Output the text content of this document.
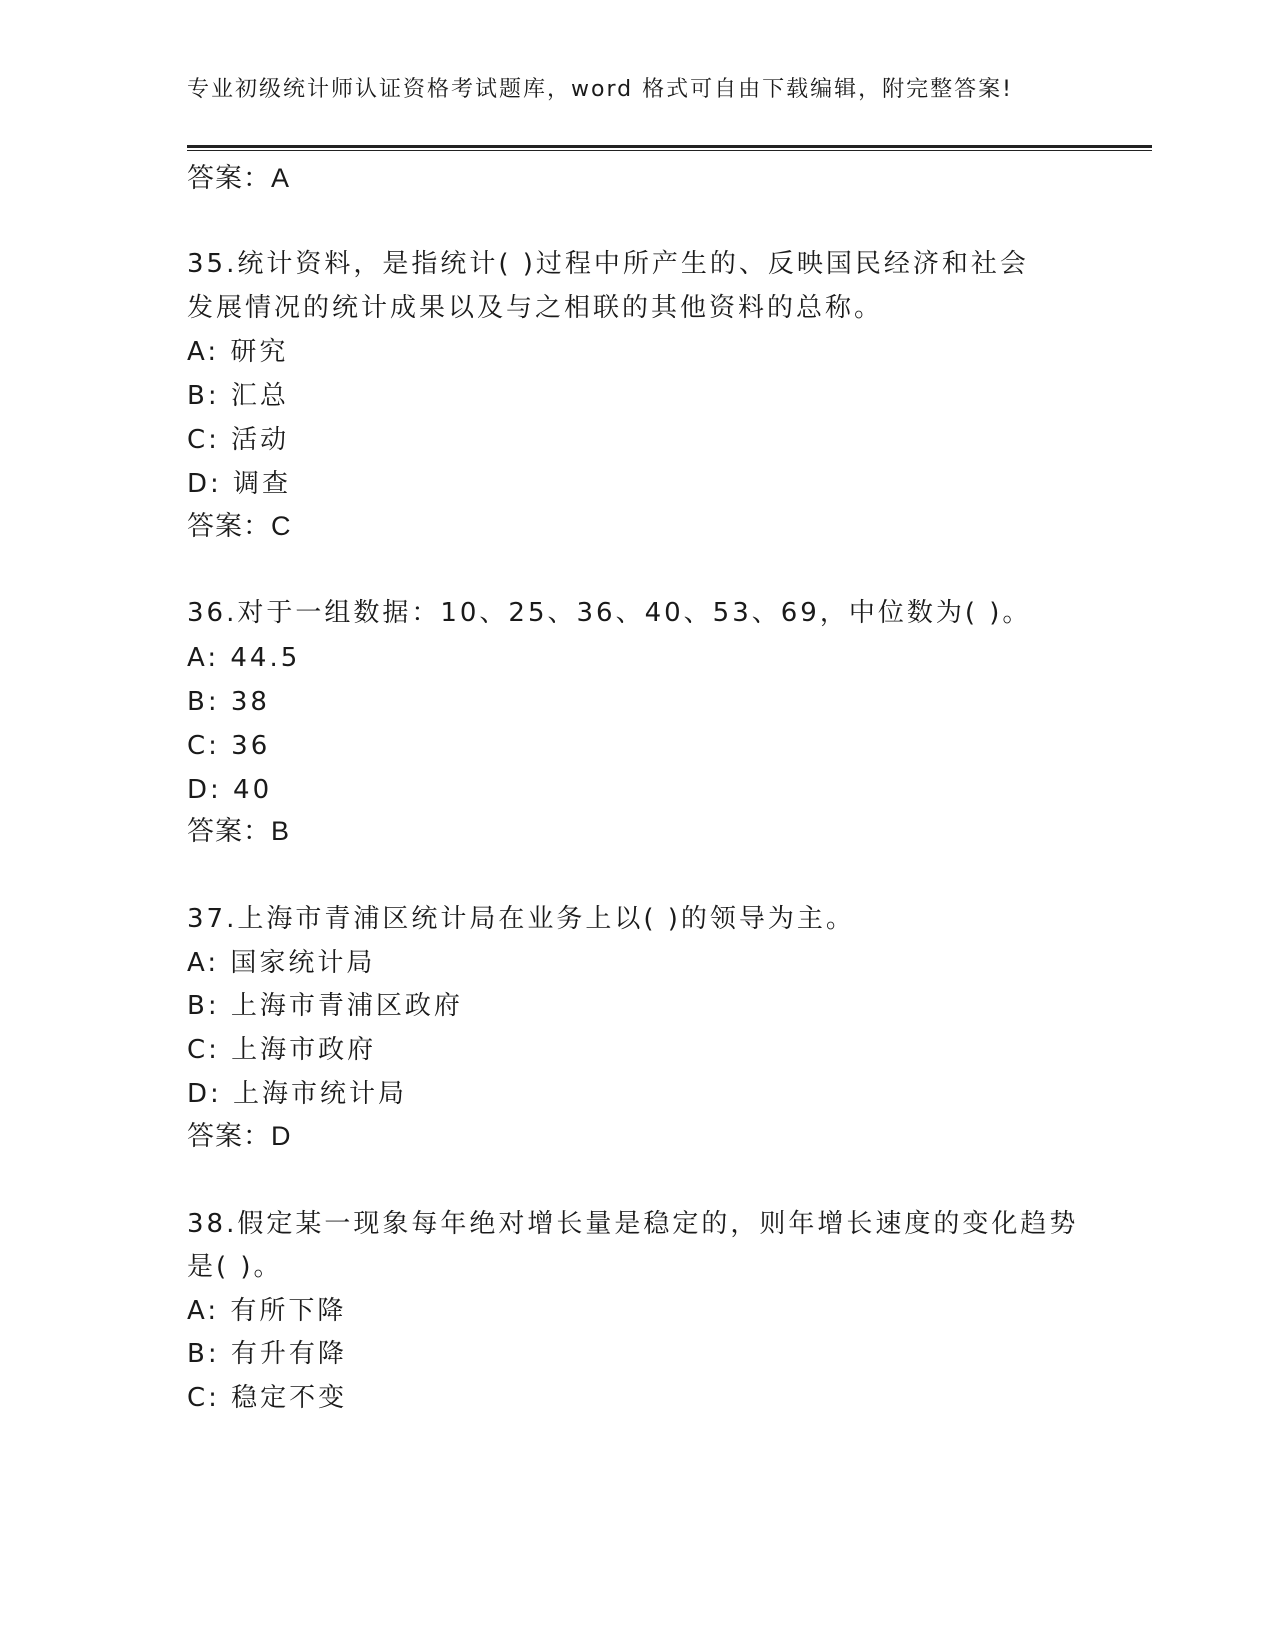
专业初级统计师认证资格考试题库，word 格式可自由下载编辑，附完整答案!
答案：A
35.统计资料，是指统计( )过程中所产生的、反映国民经济和社会
发展情况的统计成果以及与之相联的其他资料的总称。
A: 研究
B: 汇总
C: 活动
D: 调查
答案：C
36.对于一组数据：10、25、36、40、53、69，中位数为( )。
A: 44.5
B: 38
C: 36
D: 40
答案：B
37.上海市青浦区统计局在业务上以( )的领导为主。
A: 国家统计局
B: 上海市青浦区政府
C: 上海市政府
D: 上海市统计局
答案：D
38.假定某一现象每年绝对增长量是稳定的，则年增长速度的变化趋势
是( )。
A: 有所下降
B: 有升有降
C: 稳定不变
